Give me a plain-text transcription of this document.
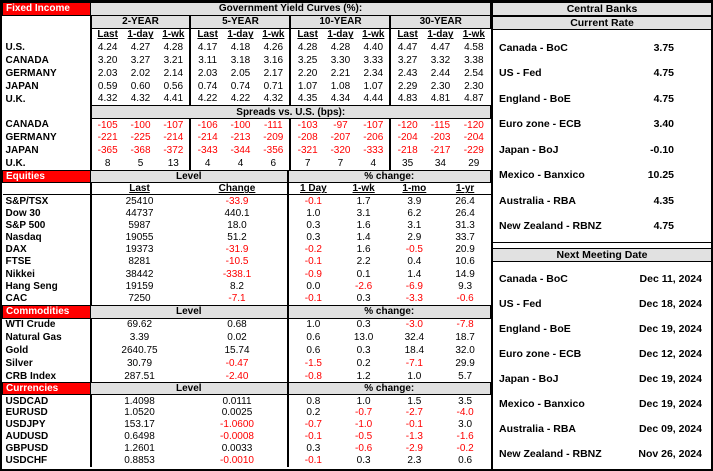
Fixed Income	Government Yield Curves (%):											
	2-YEAR			5-YEAR			10-YEAR			30-YEAR		
	Last	1-day	1-wk	Last	1-day	1-wk	Last	1-day	1-wk	Last	1-day	1-wk
U.S.	4.24	4.27	4.28	4.17	4.18	4.26	4.28	4.28	4.40	4.47	4.47	4.58
CANADA	3.20	3.27	3.21	3.11	3.18	3.16	3.25	3.30	3.33	3.27	3.32	3.38
GERMANY	2.03	2.02	2.14	2.03	2.05	2.17	2.20	2.21	2.34	2.43	2.44	2.54
JAPAN	0.59	0.60	0.56	0.74	0.74	0.71	1.07	1.08	1.07	2.29	2.30	2.30
U.K.	4.32	4.32	4.41	4.22	4.22	4.32	4.35	4.34	4.44	4.83	4.81	4.87
	Spreads vs. U.S. (bps):											
CANADA	-105	-100	-107	-106	-100	-111	-103	-97	-107	-120	-115	-120
GERMANY	-221	-225	-214	-214	-213	-209	-208	-207	-206	-204	-203	-204
JAPAN	-365	-368	-372	-343	-344	-356	-321	-320	-333	-218	-217	-229
U.K.	8	5	13	4	4	6	7	7	4	35	34	29
Equities	Level		% change:			
	Last	Change	1 Day	1-wk	1-mo	1-yr
S&P/TSX	25410	-33.9	-0.1	1.7	3.9	26.4
Dow 30	44737	440.1	1.0	3.1	6.2	26.4
S&P 500	5987	18.0	0.3	1.6	3.1	31.3
Nasdaq	19055	51.2	0.3	1.4	2.9	33.7
DAX	19373	-31.9	-0.2	1.6	-0.5	20.9
FTSE	8281	-10.5	-0.1	2.2	0.4	10.6
Nikkei	38442	-338.1	-0.9	0.1	1.4	14.9
Hang Seng	19159	8.2	0.0	-2.6	-6.9	9.3
CAC	7250	-7.1	-0.1	0.3	-3.3	-0.6
Commodities	Level		% change:			
WTI Crude	69.62	0.68	1.0	0.3	-3.0	-7.8
Natural Gas	3.39	0.02	0.6	13.0	32.4	18.7
Gold	2640.75	15.74	0.6	0.3	18.4	32.0
Silver	30.79	-0.47	-1.5	0.2	-7.1	29.9
CRB Index	287.51	-2.40	-0.8	1.2	1.0	5.7
Currencies	Level		% change:			
USDCAD	1.4098	0.0111	0.8	1.0	1.5	3.5
EURUSD	1.0520	0.0025	0.2	-0.7	-2.7	-4.0
USDJPY	153.17	-1.0600	-0.7	-1.0	-0.1	3.0
AUDUSD	0.6498	-0.0008	-0.1	-0.5	-1.3	-1.6
GBPUSD	1.2601	0.0033	0.3	-0.6	-2.9	-0.2
USDCHF	0.8853	-0.0010	-0.1	0.3	2.3	0.6
Central Banks
Current Rate
Canada - BoC	3.75
US - Fed	4.75
England - BoE	4.75
Euro zone - ECB	3.40
Japan - BoJ	-0.10
Mexico - Banxico	10.25
Australia - RBA	4.35
New Zealand - RBNZ	4.75
Next Meeting Date
Canada - BoC	Dec 11, 2024
US - Fed	Dec 18, 2024
England - BoE	Dec 19, 2024
Euro zone - ECB	Dec 12, 2024
Japan - BoJ	Dec 19, 2024
Mexico - Banxico	Dec 19, 2024
Australia - RBA	Dec 09, 2024
New Zealand - RBNZ	Nov 26, 2024
